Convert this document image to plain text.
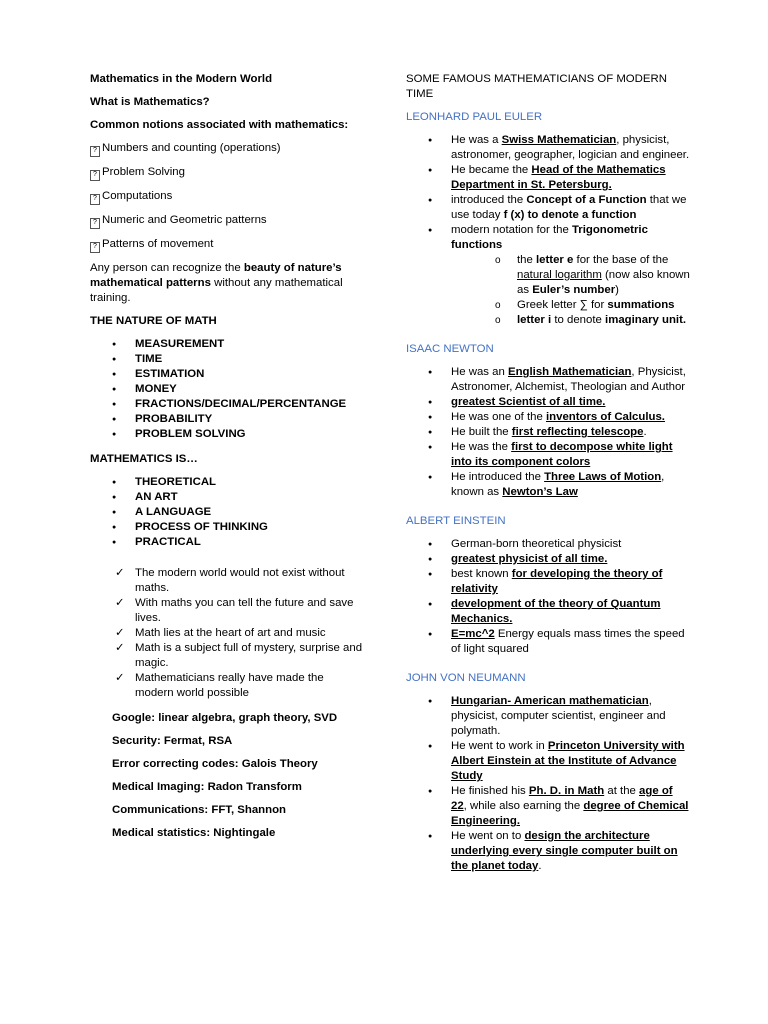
Mathematics in the Modern World

What is Mathematics?

Common notions associated with mathematics:

? Numbers and counting (operations)

? Problem Solving

? Computations

? Numeric and Geometric patterns

? Patterns of movement

Any person can recognize the beauty of nature’s mathematical patterns without any mathematical training.

THE NATURE OF MATH

● MEASUREMENT
● TIME
● ESTIMATION
● MONEY
● FRACTIONS/DECIMAL/PERCENTANGE
● PROBABILITY
● PROBLEM SOLVING

MATHEMATICS IS…

● THEORETICAL
● AN ART
● A LANGUAGE
● PROCESS OF THINKING
● PRACTICAL
✓ The modern world would not exist without maths.
✓ With maths you can tell the future and save lives.
✓ Math lies at the heart of art and music
✓ Math is a subject full of mystery, surprise and magic.
✓ Mathematicians really have made the modern world possible

Google: linear algebra, graph theory, SVD

Security: Fermat, RSA

Error correcting codes: Galois Theory

Medical Imaging: Radon Transform

Communications: FFT, Shannon

Medical statistics: Nightingale

SOME FAMOUS MATHEMATICIANS OF MODERN TIME

LEONHARD PAUL EULER

● He was a Swiss Mathematician, physicist, astronomer, geographer, logician and engineer.
● He became the Head of the Mathematics Department in St. Petersburg.
● introduced the Concept of a Function that we use today f (x) to denote a function
● modern notation for the Trigonometric functions
o the letter e for the base of the natural logarithm (now also known as Euler’s number)
o Greek letter ∑ for summations
o letter i to denote imaginary unit.

ISAAC NEWTON

● He was an English Mathematician, Physicist, Astronomer, Alchemist, Theologian and Author
● greatest Scientist of all time.
● He was one of the inventors of Calculus.
● He built the first reflecting telescope.
● He was the first to decompose white light into its component colors
● He introduced the Three Laws of Motion, known as Newton’s Law

ALBERT EINSTEIN

● German-born theoretical physicist
● greatest physicist of all time.
● best known for developing the theory of relativity
● development of the theory of Quantum Mechanics.
● E=mc^2 Energy equals mass times the speed of light squared

JOHN VON NEUMANN

● Hungarian- American mathematician, physicist, computer scientist, engineer and polymath.
● He went to work in Princeton University with Albert Einstein at the Institute of Advance Study
● He finished his Ph. D. in Math at the age of 22, while also earning the degree of Chemical Engineering.
● He went on to design the architecture underlying every single computer built on the planet today.
